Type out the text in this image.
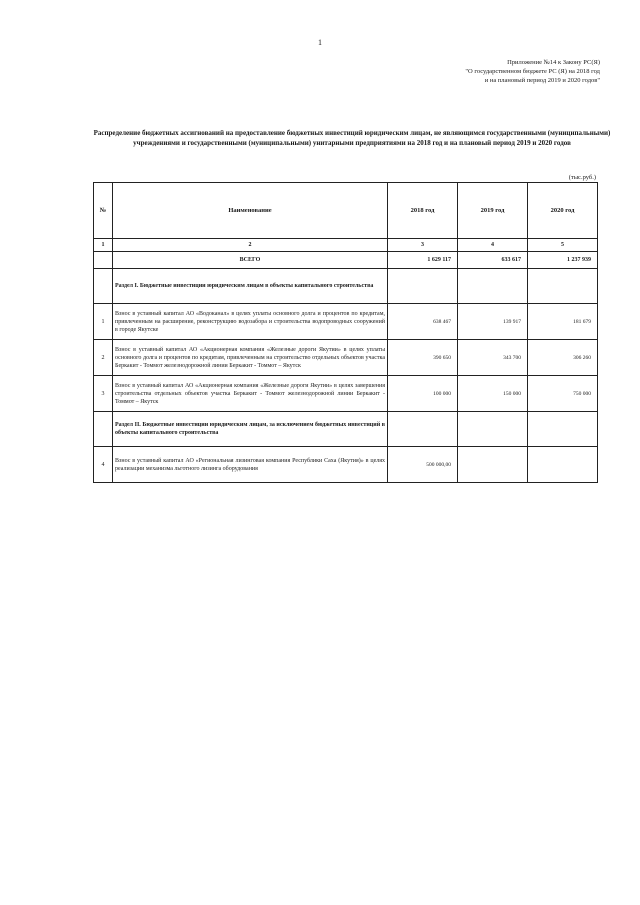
1
Приложение №14 к Закону РС(Я)
"О государственном бюджете РС (Я) на 2018 год
и на плановый период 2019 и 2020 годов"
Распределение бюджетных ассигнований на предоставление бюджетных инвестиций юридическим лицам, не являющимся государственными (муниципальными) учреждениями и государственными (муниципальными) унитарными предприятиями на 2018 год и на плановый период 2019 и 2020 годов
(тыс.руб.)
№	Наименование	2018 год	2019 год	2020 год
1	2	3	4	5
	ВСЕГО	1 629 117	633 617	1 237 939
	Раздел I. Бюджетные инвестиции юридическим лицам в объекты капитального строительства			
1	Взнос в уставный капитал АО «Водоканал» в целях уплаты основного долга и процентов по кредитам, привлеченным на расширение, реконструкцию водозабора и строительства водопроводных сооружений в городе Якутске	638 467	139 917	181 679
2	Взнос в уставный капитал АО «Акционерная компания «Железные дороги Якутии» в целях уплаты основного долга и процентов по кредитам, привлеченным на строительство отдельных объектов участка Беркакит - Томмот железнодорожной линии Беркакит - Томмот – Якутск	390 650	343 700	306 260
3	Взнос в уставный капитал АО «Акционерная компания «Железные дороги Якутии» в целях завершения строительства отдельных объектов участка Беркакит - Томмот железнодорожной линии Беркакит - Томмот – Якутск	100 000	150 000	750 000
	Раздел II. Бюджетные инвестиции юридическим лицам, за исключением бюджетных инвестиций в объекты капитального строительства			
4	Взнос в уставный капитал АО «Региональная лизинговая компания Республики Саха (Якутия)» в целях реализации механизма льготного лизинга оборудования	500 000,00		
